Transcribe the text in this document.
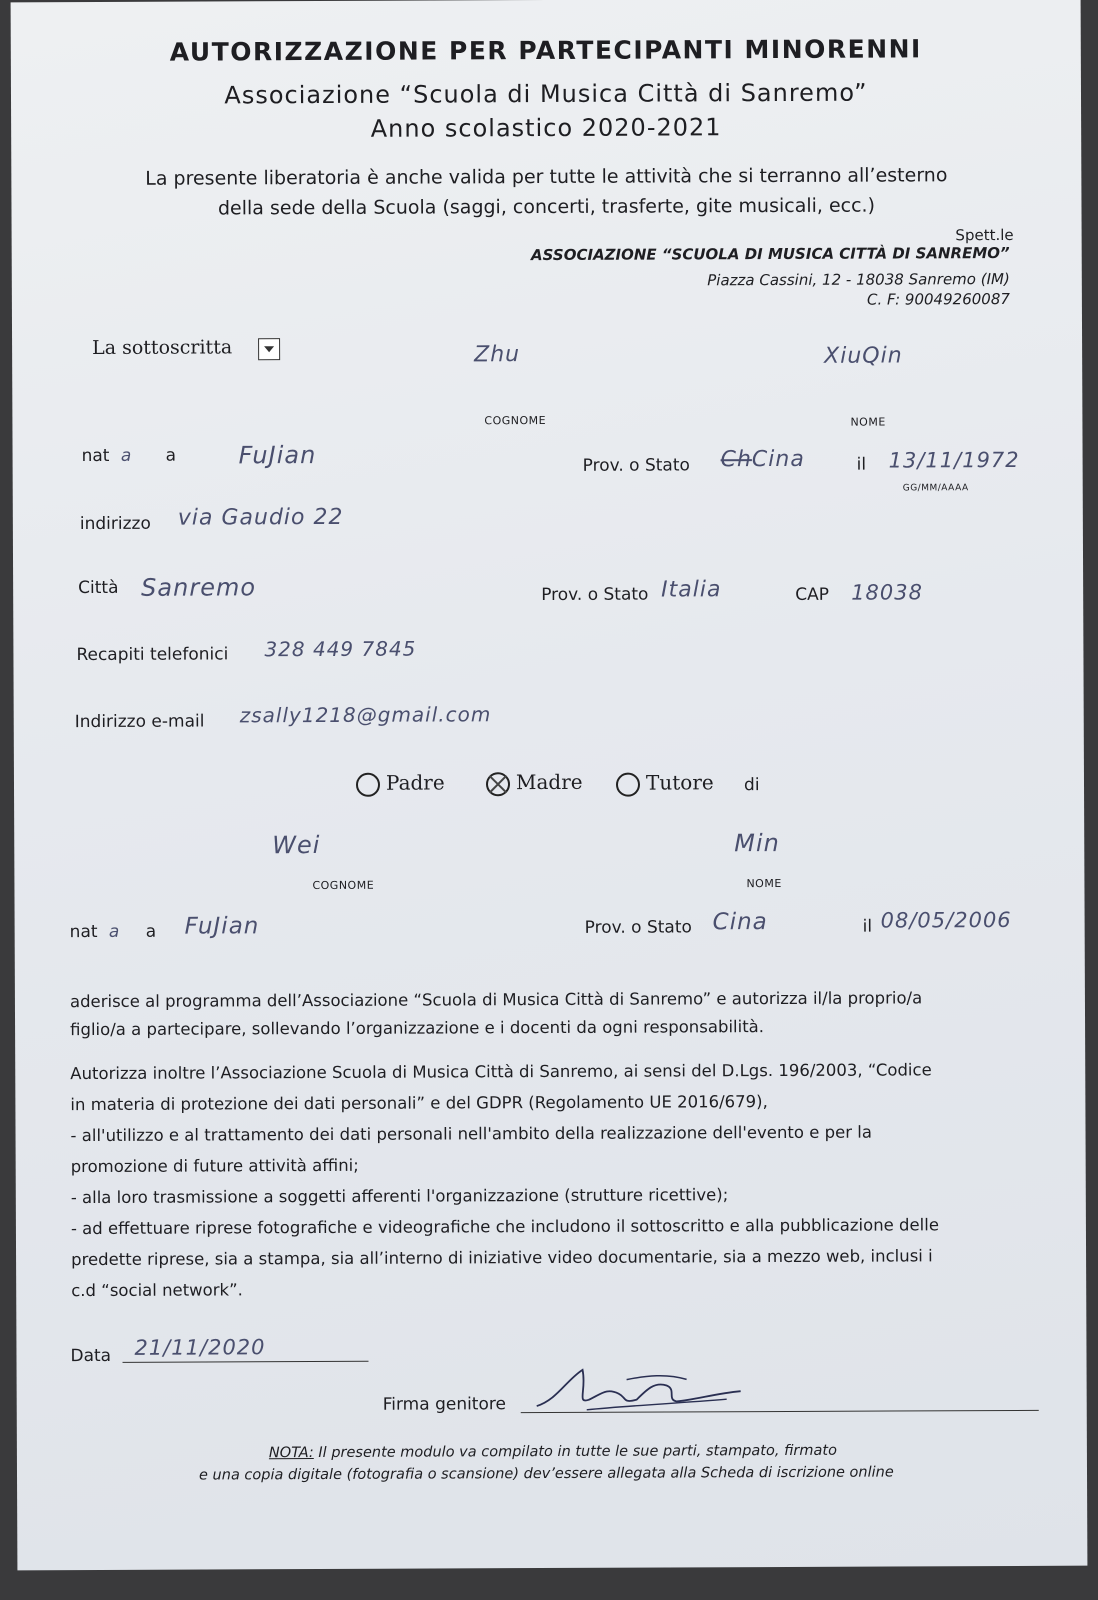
AUTORIZZAZIONE PER PARTECIPANTI MINORENNI
Associazione “Scuola di Musica Città di Sanremo”
Anno scolastico 2020-2021
La presente liberatoria è anche valida per tutte le attività che si terranno all’esterno
della sede della Scuola (saggi, concerti, trasferte, gite musicali, ecc.)
Spett.le
ASSOCIAZIONE “SCUOLA DI MUSICA CITTÀ DI SANREMO”
Piazza Cassini, 12 - 18038 Sanremo (IM)
C. F: 90049260087
La sottoscritta	Zhu	XiuQin
COGNOME	NOME
nat a a	FuJian	Prov. o Stato ChCina	il 13/11/1972
GG/MM/AAAA
indirizzo via Gaudio 22
Città Sanremo	Prov. o Stato Italia	CAP 18038
Recapiti telefonici 328 449 7845
Indirizzo e-mail zsally1218@gmail.com
Padre	Madre	Tutore di
Wei	Min
COGNOME	NOME
nat a a FuJian	Prov. o Stato Cina	il 08/05/2006
aderisce al programma dell’Associazione “Scuola di Musica Città di Sanremo” e autorizza il/la proprio/a
figlio/a a partecipare, sollevando l’organizzazione e i docenti da ogni responsabilità.
Autorizza inoltre l’Associazione Scuola di Musica Città di Sanremo, ai sensi del D.Lgs. 196/2003, “Codice
in materia di protezione dei dati personali” e del GDPR (Regolamento UE 2016/679),
- all'utilizzo e al trattamento dei dati personali nell'ambito della realizzazione dell'evento e per la
promozione di future attività affini;
- alla loro trasmissione a soggetti afferenti l'organizzazione (strutture ricettive);
- ad effettuare riprese fotografiche e videografiche che includono il sottoscritto e alla pubblicazione delle
predette riprese, sia a stampa, sia all’interno di iniziative video documentarie, sia a mezzo web, inclusi i
c.d “social network”.
Data 21/11/2020
Firma genitore
NOTA: Il presente modulo va compilato in tutte le sue parti, stampato, firmato
e una copia digitale (fotografia o scansione) dev’essere allegata alla Scheda di iscrizione online
